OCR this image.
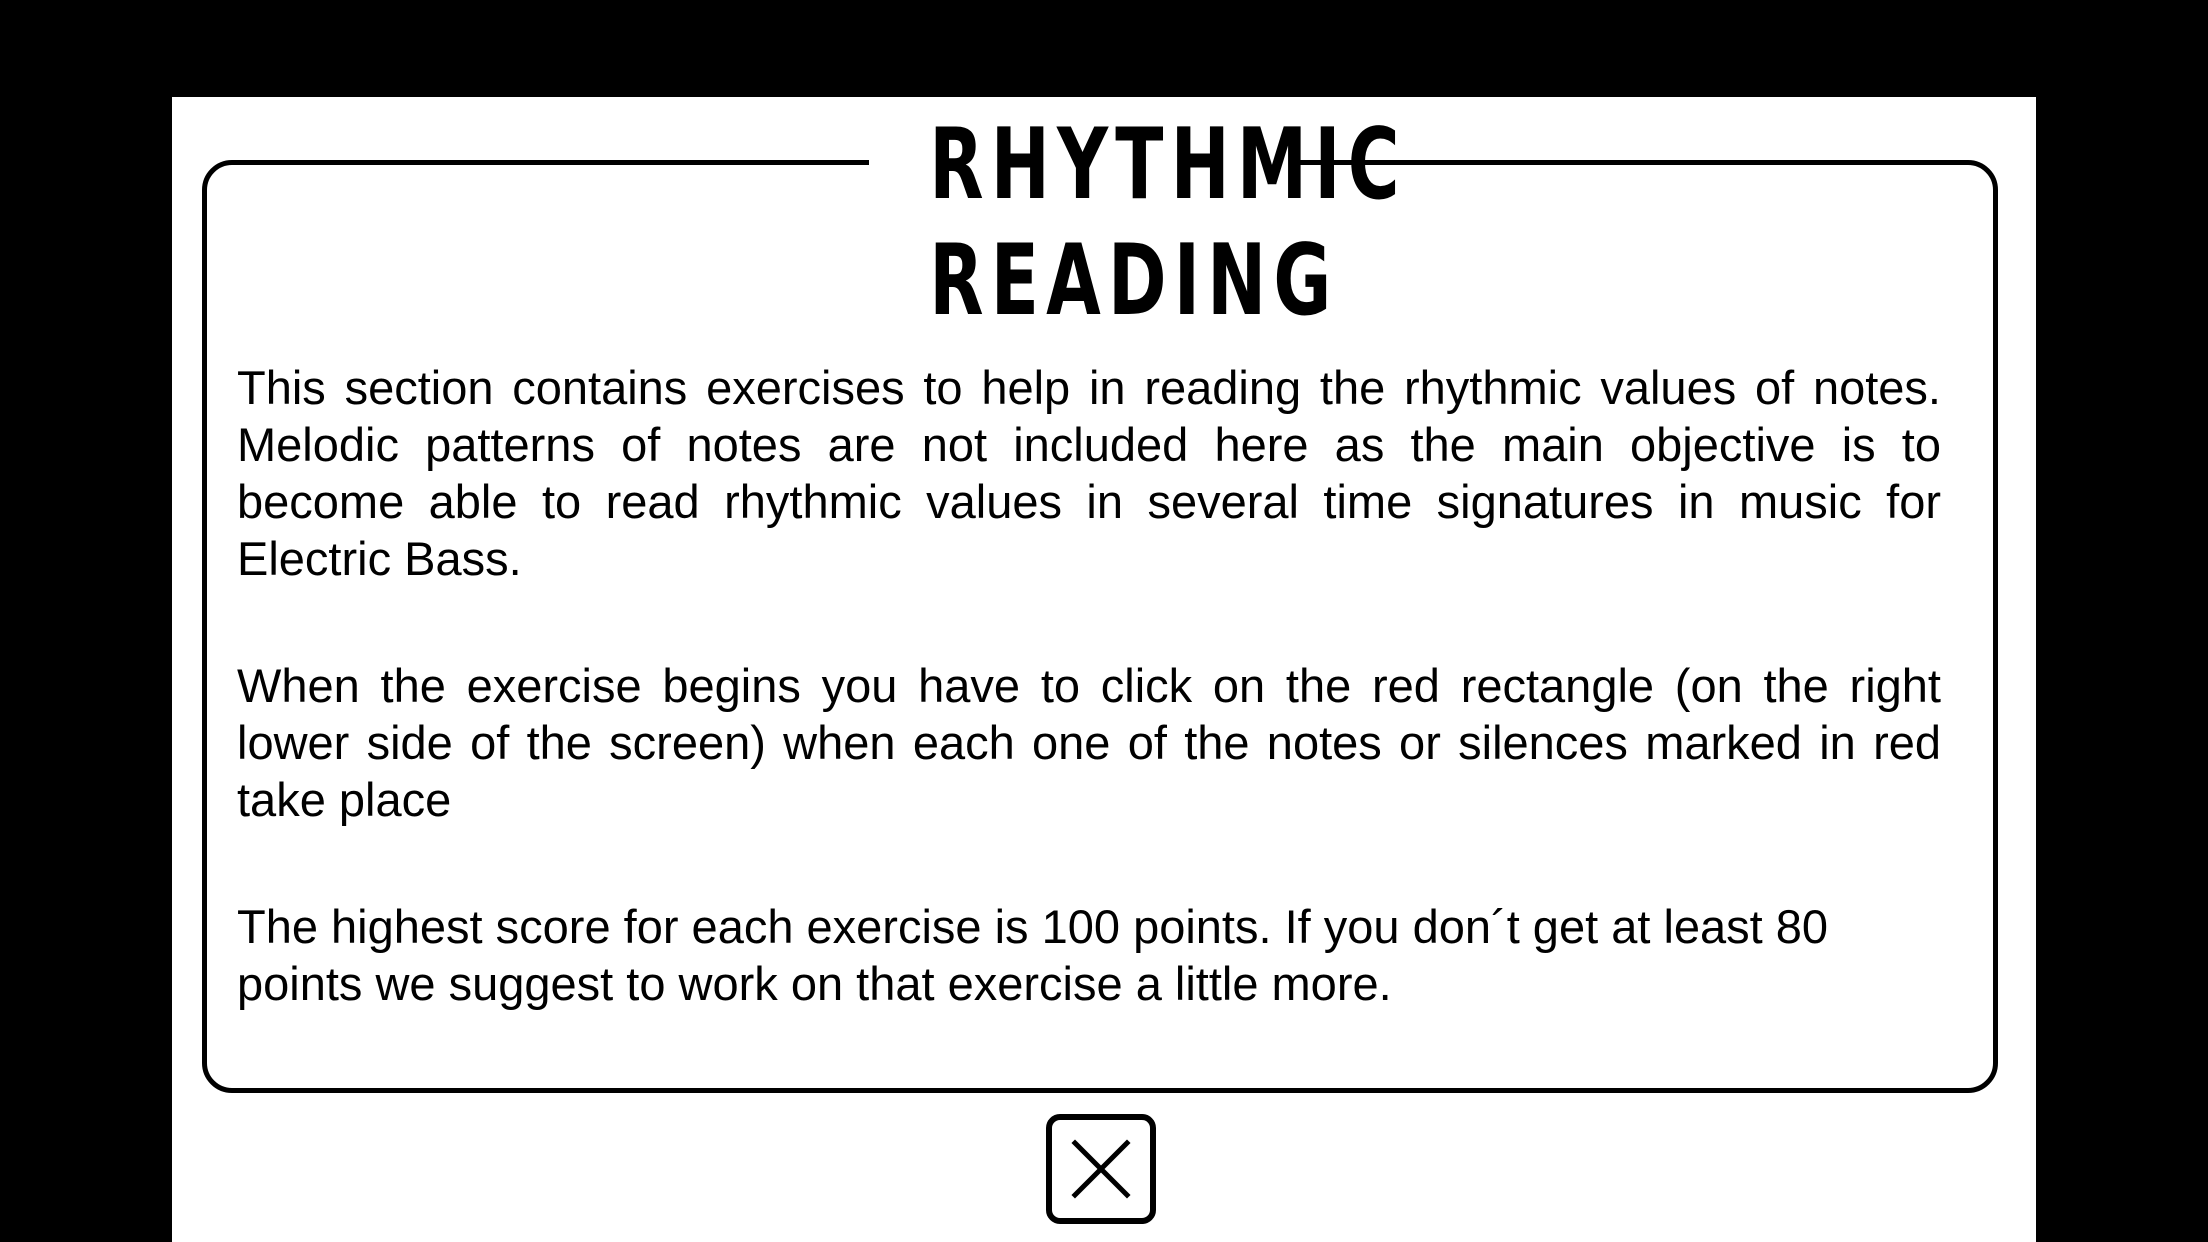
RHYTHMIC
READING

This section contains exercises to help in reading the rhythmic values of notes. Melodic patterns of notes are not included here as the main objective is to become able to read rhythmic values in several time signatures in music for Electric Bass.

When the exercise begins you have to click on the red rectangle (on the right lower side of the screen) when each one of the notes or silences marked in red take place

The highest score for each exercise is 100 points. If you don´t get at least 80 points we suggest to work on that exercise a little more.
